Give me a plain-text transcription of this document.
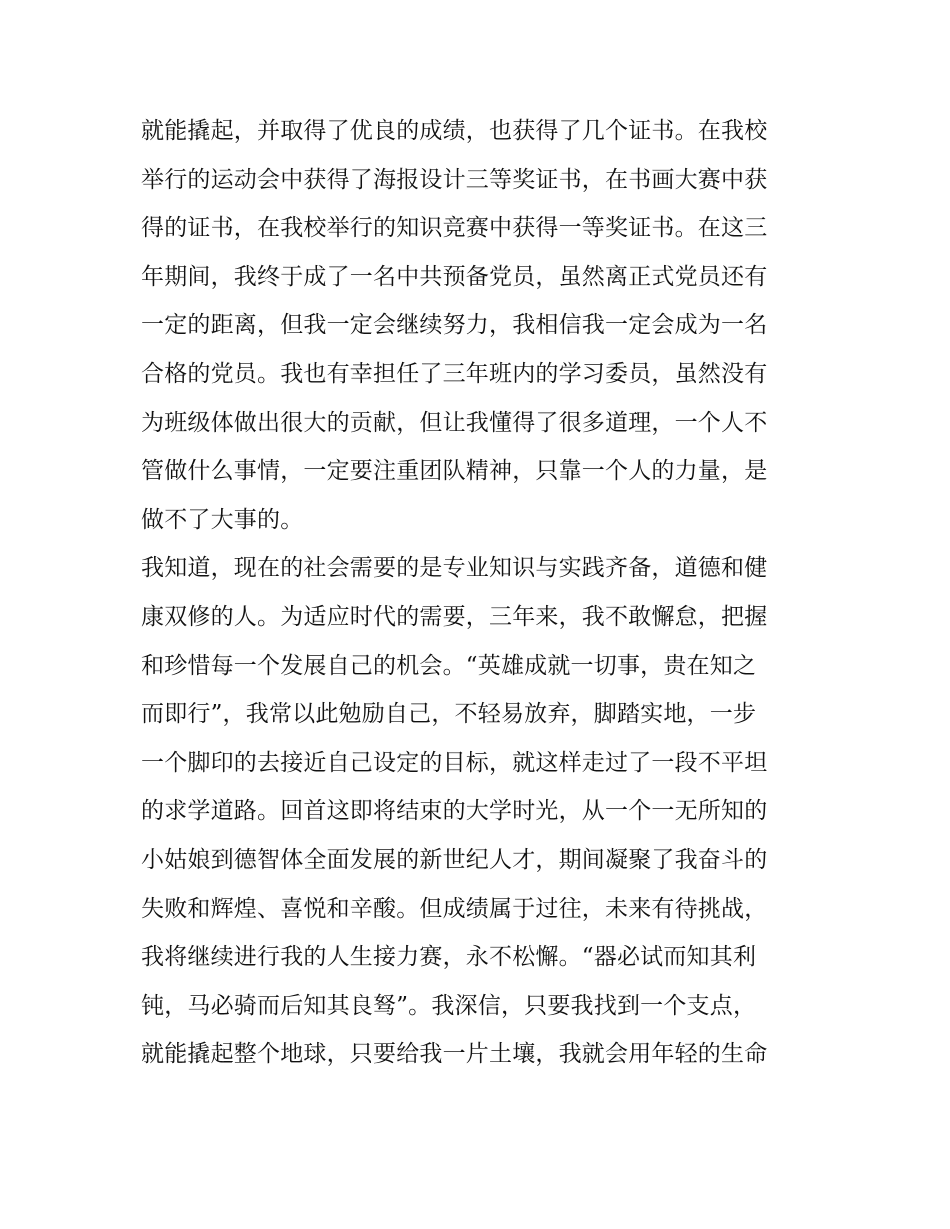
就能撬起，并取得了优良的成绩，也获得了几个证书。在我校
举行的运动会中获得了海报设计三等奖证书，在书画大赛中获
得的证书，在我校举行的知识竞赛中获得一等奖证书。在这三
年期间，我终于成了一名中共预备党员，虽然离正式党员还有
一定的距离，但我一定会继续努力，我相信我一定会成为一名
合格的党员。我也有幸担任了三年班内的学习委员，虽然没有
为班级体做出很大的贡献，但让我懂得了很多道理，一个人不
管做什么事情，一定要注重团队精神，只靠一个人的力量，是
做不了大事的。
我知道，现在的社会需要的是专业知识与实践齐备，道德和健
康双修的人。为适应时代的需要，三年来，我不敢懈怠，把握
和珍惜每一个发展自己的机会。“英雄成就一切事，贵在知之
而即行”，我常以此勉励自己，不轻易放弃，脚踏实地，一步
一个脚印的去接近自己设定的目标，就这样走过了一段不平坦
的求学道路。回首这即将结束的大学时光，从一个一无所知的
小姑娘到德智体全面发展的新世纪人才，期间凝聚了我奋斗的
失败和辉煌、喜悦和辛酸。但成绩属于过往，未来有待挑战，
我将继续进行我的人生接力赛，永不松懈。“器必试而知其利
钝，马必骑而后知其良驽”。我深信，只要我找到一个支点，
就能撬起整个地球，只要给我一片土壤，我就会用年轻的生命
